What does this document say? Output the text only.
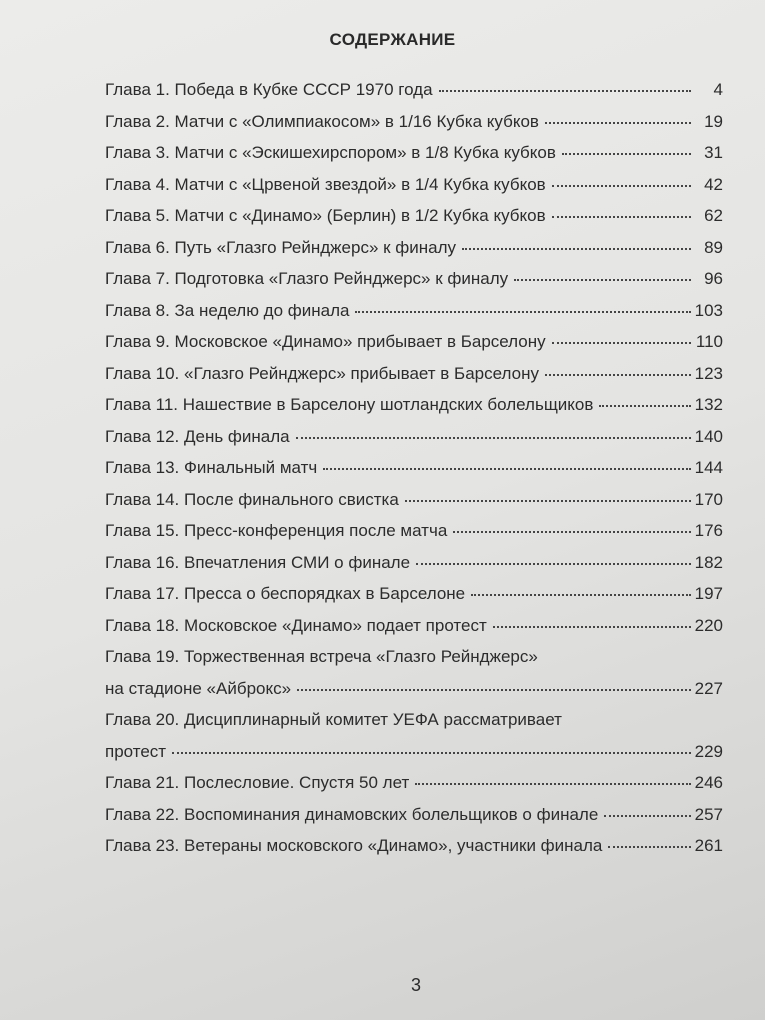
СОДЕРЖАНИЕ
Глава 1. Победа в Кубке СССР 1970 года	4
Глава 2. Матчи с «Олимпиакосом» в 1/16 Кубка кубков	19
Глава 3. Матчи с «Эскишехирспором» в 1/8 Кубка кубков	31
Глава 4. Матчи с «Црвеной звездой» в 1/4 Кубка кубков	42
Глава 5. Матчи с «Динамо» (Берлин) в 1/2 Кубка кубков	62
Глава 6. Путь «Глазго Рейнджерс» к финалу	89
Глава 7. Подготовка «Глазго Рейнджерс» к финалу	96
Глава 8. За неделю до финала	103
Глава 9. Московское «Динамо» прибывает в Барселону	110
Глава 10. «Глазго Рейнджерс» прибывает в Барселону	123
Глава 11. Нашествие в Барселону шотландских болельщиков	132
Глава 12. День финала	140
Глава 13. Финальный матч	144
Глава 14. После финального свистка	170
Глава 15. Пресс-конференция после матча	176
Глава 16. Впечатления СМИ о финале	182
Глава 17. Пресса о беспорядках в Барселоне	197
Глава 18. Московское «Динамо» подает протест	220
Глава 19. Торжественная встреча «Глазго Рейнджерс»
на стадионе «Айброкс»	227
Глава 20. Дисциплинарный комитет УЕФА рассматривает
протест	229
Глава 21. Послесловие. Спустя 50 лет	246
Глава 22. Воспоминания динамовских болельщиков о финале	257
Глава 23. Ветераны московского «Динамо», участники финала	261
3
